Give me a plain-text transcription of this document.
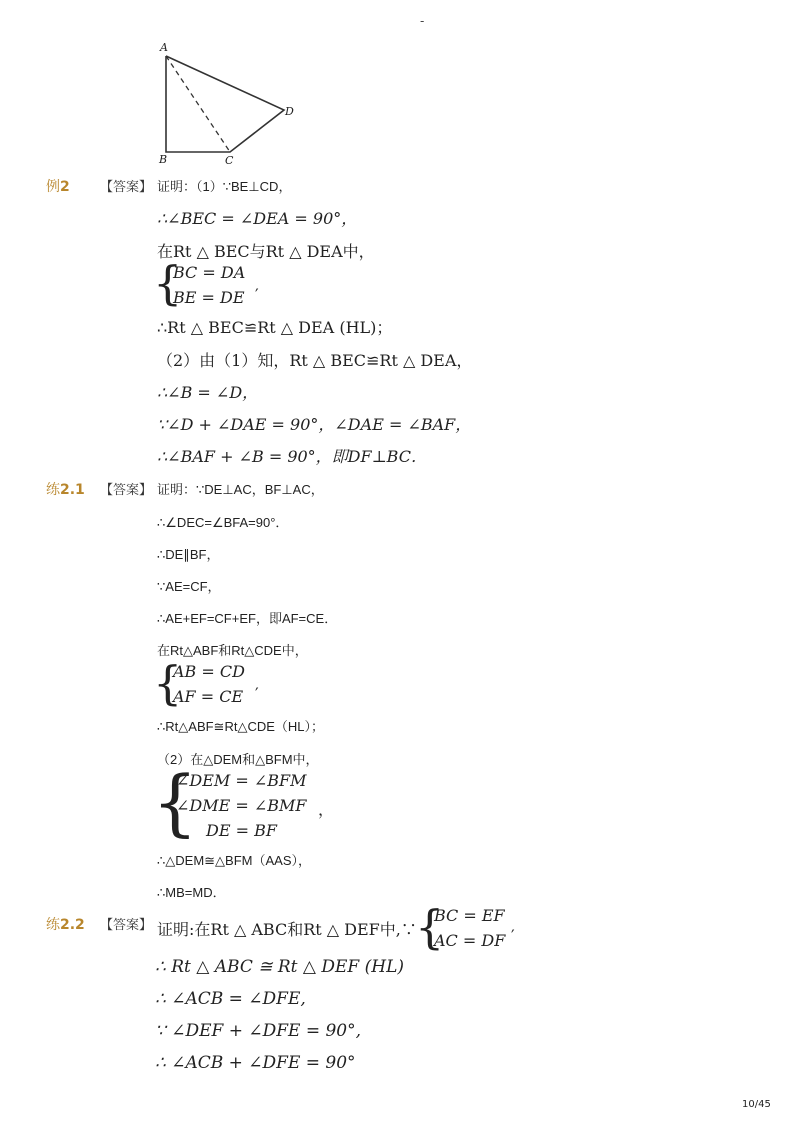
-
A
B	C
D
例2 【答案】 证明：（1）∵BE⊥CD，
∴∠BEC = ∠DEA = 90°，
在Rt △ BEC与Rt △ DEA中，
{
BC = DA
BE = DE ′
∴Rt △ BEC≌Rt △ DEA (HL)；
（2）由（1）知，Rt △ BEC≌Rt △ DEA，
∴∠B = ∠D，
∵∠D + ∠DAE = 90°，∠DAE = ∠BAF，
∴∠BAF + ∠B = 90°，即DF⊥BC．
练2.1 【答案】 证明：∵DE⊥AC，BF⊥AC，
∴∠DEC=∠BFA=90°．
∴DE∥BF，
∵AE=CF，
∴AE+EF=CF+EF，即AF=CE．
在Rt△ABF和Rt△CDE中，
{
AB = CD
AF = CE ′
∴Rt△ABF≅Rt△CDE（HL）；
（2）在△DEM和△BFM中，
{
∠DEM = ∠BFM
∠DME = ∠BMF
DE = BF
，
∴△DEM≅△BFM（AAS），
∴MB=MD．
练2.2 【答案】 证明:在Rt △ ABC和Rt △ DEF中,∵
{
BC = EF
AC = DF ′
∴ Rt △ ABC ≅ Rt △ DEF (HL)
∴ ∠ACB = ∠DFE,
∵ ∠DEF + ∠DFE = 90°,
∴ ∠ACB + ∠DFE = 90°
10/45
